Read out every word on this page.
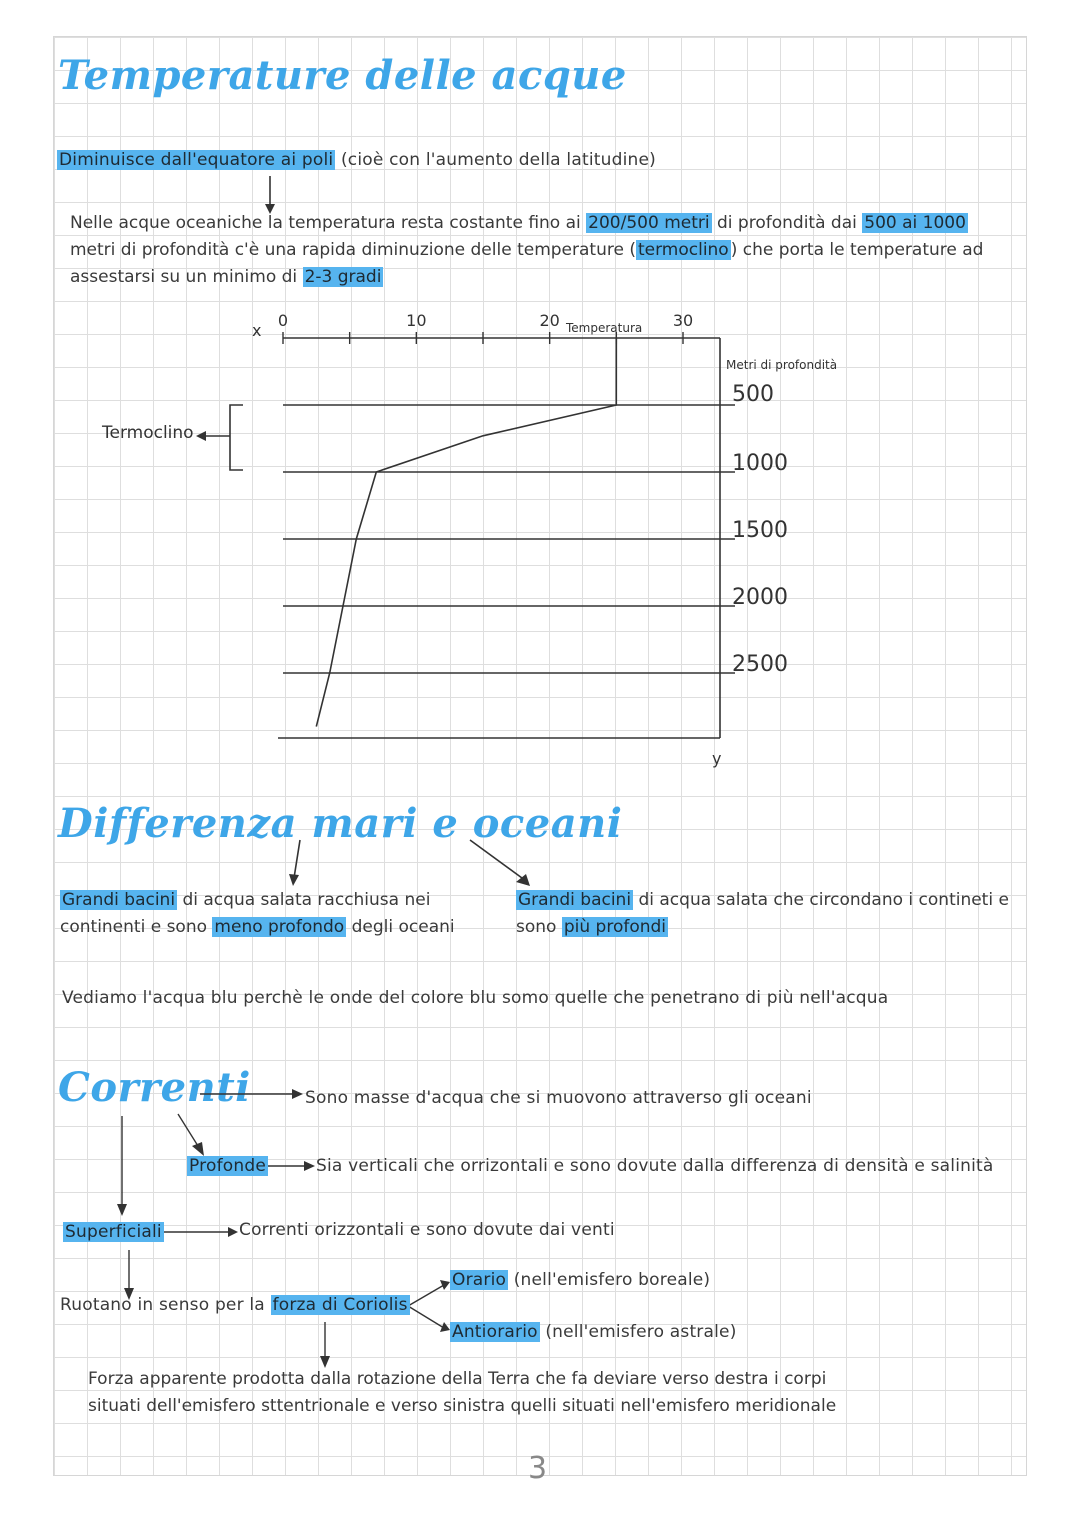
Temperature delle acque
Diminuisce dall'equatore ai poli (cioè con l'aumento della latitudine)
Nelle acque oceaniche la temperatura resta costante fino ai 200/500 metri di profondità dai 500 ai 1000 metri di profondità c'è una rapida diminuzione delle temperature ( termoclino ) che porta le temperature ad assestarsi su un minimo di 2-3 gradi
x
y
Temperatura
Metri di profondità
0	10	20	30
500
1000
1500
2000
2500
Termoclino
Differenza mari e oceani
Grandi bacini di acqua salata racchiusa nei continenti e sono meno profondo degli oceani
Grandi bacini di acqua salata che circondano i contineti e sono più profondi
Vediamo l'acqua blu perchè le onde del colore blu somo quelle che penetrano di più nell'acqua
Correnti	Sono masse d'acqua che si muovono attraverso gli oceani
Profonde	Sia verticali che orrizontali e sono dovute dalla differenza di densità e salinità
Superficiali	Correnti orizzontali e sono dovute dai venti
Orario (nell'emisfero boreale)
Ruotano in senso per la forza di Coriolis
Antiorario (nell'emisfero astrale)
Forza apparente prodotta dalla rotazione della Terra che fa deviare verso destra i corpi situati dell'emisfero sttentrionale e verso sinistra quelli situati nell'emisfero meridionale
3
